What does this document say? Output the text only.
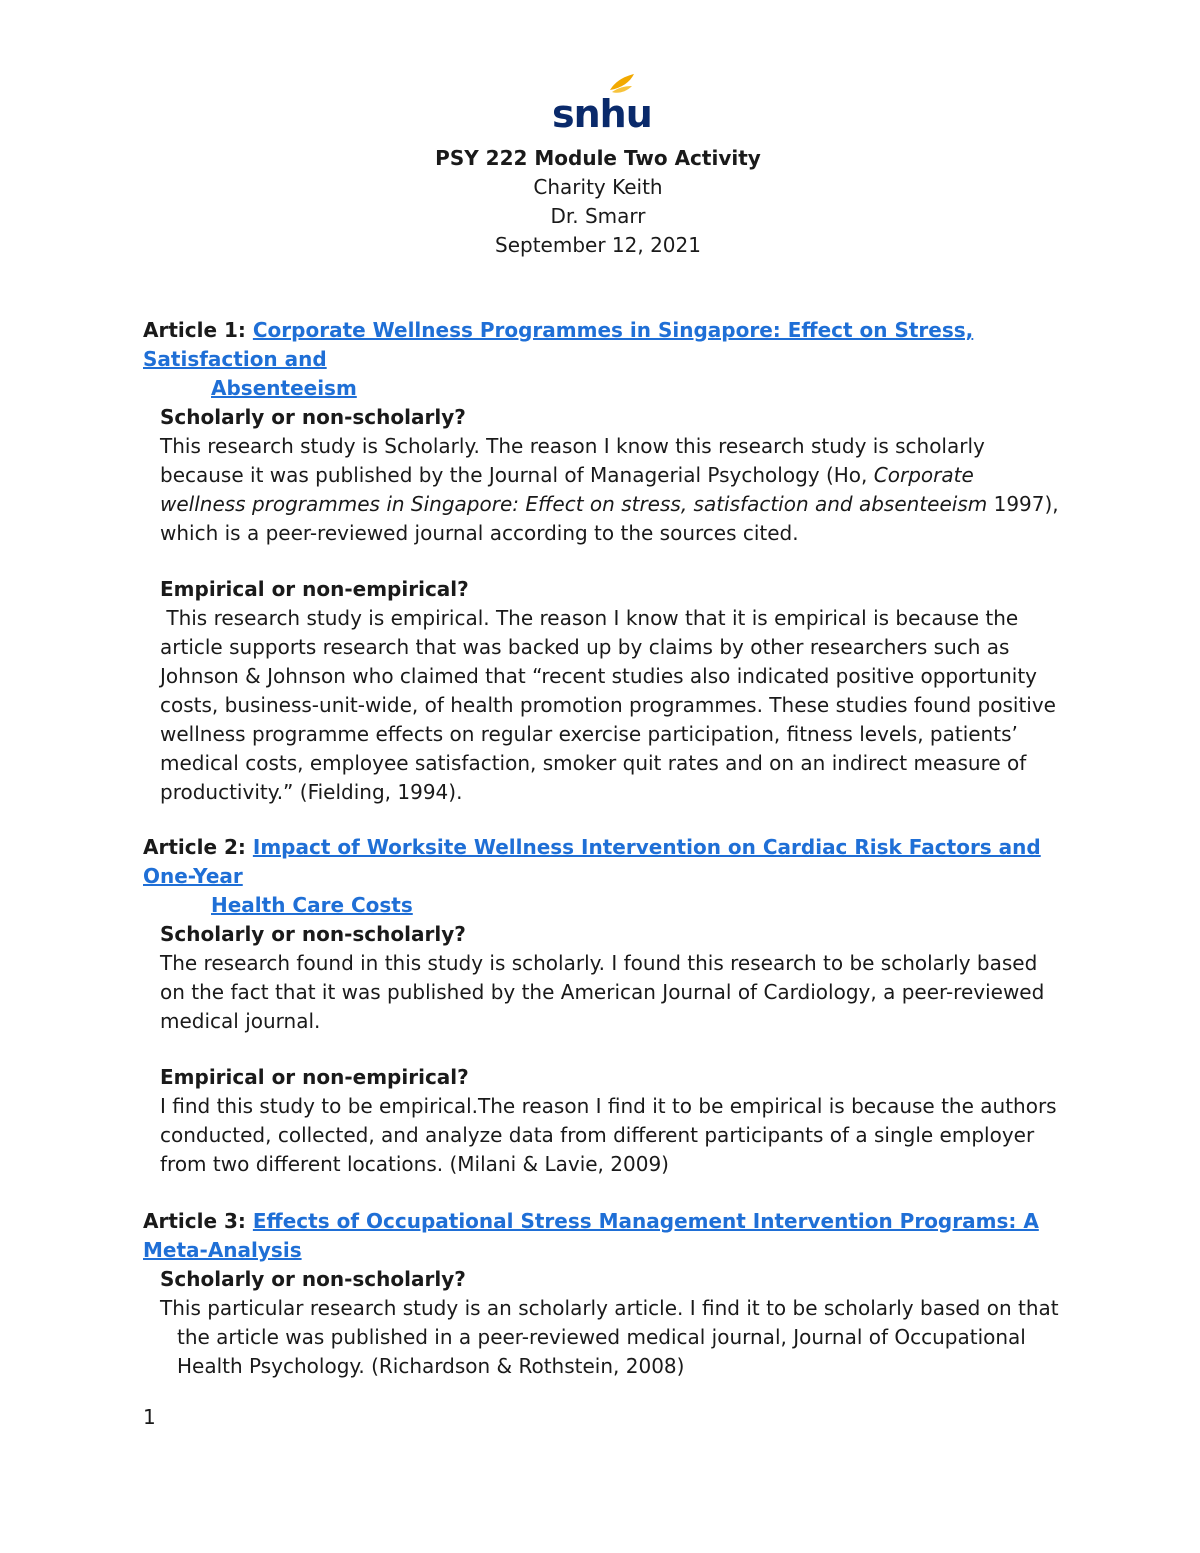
snhu
PSY 222 Module Two Activity
Charity Keith
Dr. Smarr
September 12, 2021
Article 1: Corporate Wellness Programmes in Singapore: Effect on Stress, Satisfaction and
Absenteeism
Scholarly or non-scholarly?

This research study is Scholarly. The reason I know this research study is scholarly because it was published by the Journal of Managerial Psychology (Ho, Corporate wellness programmes in Singapore: Effect on stress, satisfaction and absenteeism 1997), which is a peer-reviewed journal according to the sources cited.

Empirical or non-empirical?

This research study is empirical. The reason I know that it is empirical is because the article supports research that was backed up by claims by other researchers such as Johnson & Johnson who claimed that “recent studies also indicated positive opportunity costs, business-unit-wide, of health promotion programmes. These studies found positive wellness programme effects on regular exercise participation, fitness levels, patients’ medical costs, employee satisfaction, smoker quit rates and on an indirect measure of productivity.” (Fielding, 1994).

Article 2: Impact of Worksite Wellness Intervention on Cardiac Risk Factors and One-Year
Health Care Costs
Scholarly or non-scholarly?

The research found in this study is scholarly. I found this research to be scholarly based on the fact that it was published by the American Journal of Cardiology, a peer-reviewed medical journal.

Empirical or non-empirical?

I find this study to be empirical.The reason I find it to be empirical is because the authors conducted, collected, and analyze data from different participants of a single employer from two different locations. (Milani & Lavie, 2009)

Article 3: Effects of Occupational Stress Management Intervention Programs: A Meta-Analysis
Scholarly or non-scholarly?

This particular research study is an scholarly article. I find it to be scholarly based on that the article was published in a peer-reviewed medical journal, Journal of Occupational Health Psychology. (Richardson & Rothstein, 2008)

1
